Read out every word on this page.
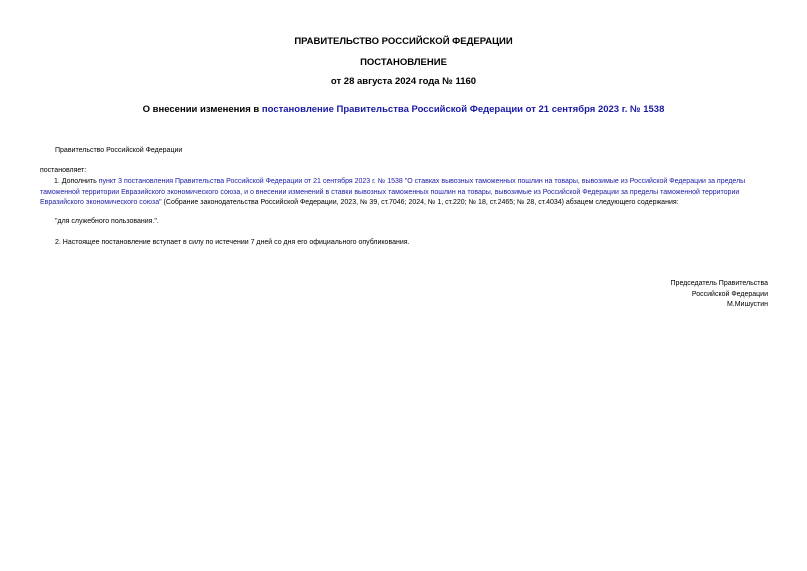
ПРАВИТЕЛЬСТВО РОССИЙСКОЙ ФЕДЕРАЦИИ
ПОСТАНОВЛЕНИЕ
от 28 августа 2024 года № 1160
О внесении изменения в постановление Правительства Российской Федерации от 21 сентября 2023 г. № 1538
Правительство Российской Федерации
постановляет:
1. Дополнить пункт 3 постановления Правительства Российской Федерации от 21 сентября 2023 г. № 1538 "О ставках вывозных таможенных пошлин на товары, вывозимые из Российской Федерации за пределы таможенной территории Евразийского экономического союза, и о внесении изменений в ставки вывозных таможенных пошлин на товары, вывозимые из Российской Федерации за пределы таможенной территории Евразийского экономического союза" (Собрание законодательства Российской Федерации, 2023, № 39, ст.7046; 2024, № 1, ст.220; № 18, ст.2465; № 28, ст.4034) абзацем следующего содержания:
"для служебного пользования.".
2. Настоящее постановление вступает в силу по истечении 7 дней со дня его официального опубликования.
Председатель Правительства
Российской Федерации
М.Мишустин
